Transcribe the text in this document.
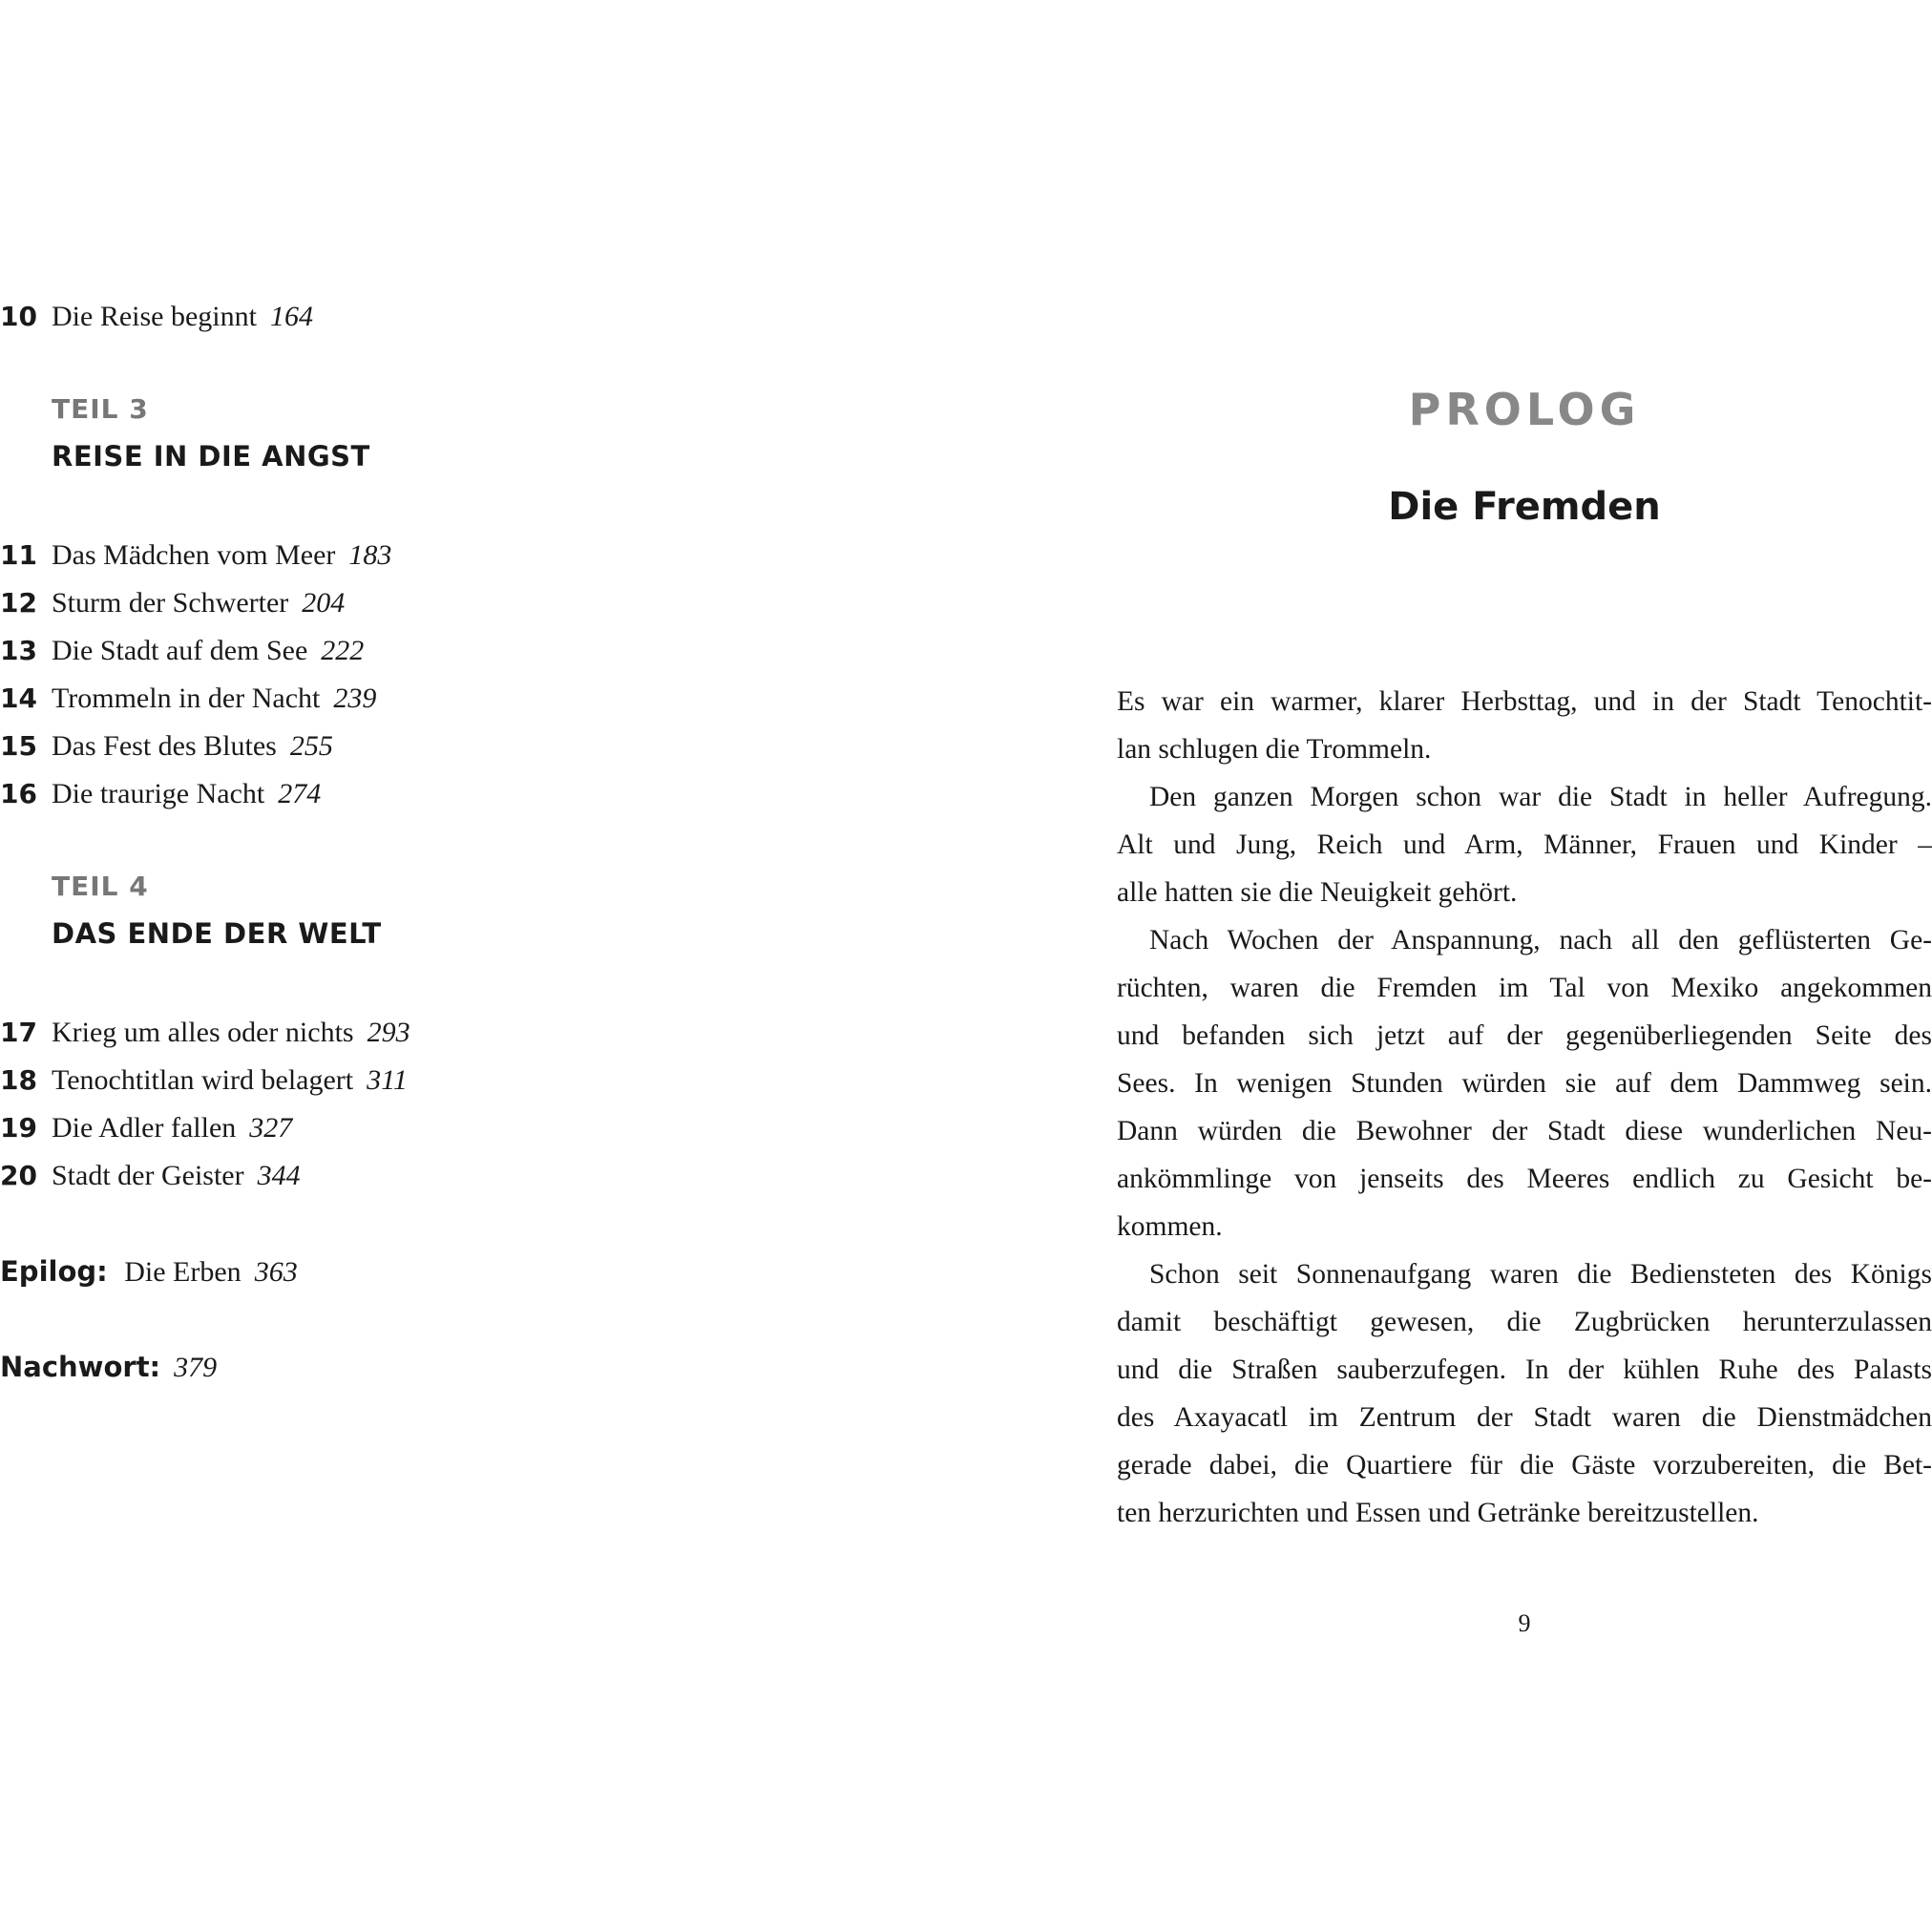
10 Die Reise beginnt 164
TEIL 3
REISE IN DIE ANGST
11 Das Mädchen vom Meer 183
12 Sturm der Schwerter 204
13 Die Stadt auf dem See 222
14 Trommeln in der Nacht 239
15 Das Fest des Blutes 255
16 Die traurige Nacht 274
TEIL 4
DAS ENDE DER WELT
17 Krieg um alles oder nichts 293
18 Tenochtitlan wird belagert 311
19 Die Adler fallen 327
20 Stadt der Geister 344
Epilog: Die Erben 363
Nachwort: 379
PROLOG
Die Fremden
Es war ein warmer, klarer Herbsttag, und in der Stadt Tenochtit-
lan schlugen die Trommeln.
Den ganzen Morgen schon war die Stadt in heller Aufregung.
Alt und Jung, Reich und Arm, Männer, Frauen und Kinder –
alle hatten sie die Neuigkeit gehört.
Nach Wochen der Anspannung, nach all den geflüsterten Ge-
rüchten, waren die Fremden im Tal von Mexiko angekommen
und befanden sich jetzt auf der gegenüberliegenden Seite des
Sees. In wenigen Stunden würden sie auf dem Dammweg sein.
Dann würden die Bewohner der Stadt diese wunderlichen Neu-
ankömmlinge von jenseits des Meeres endlich zu Gesicht be-
kommen.
Schon seit Sonnenaufgang waren die Bediensteten des Königs
damit beschäftigt gewesen, die Zugbrücken herunterzulassen
und die Straßen sauberzufegen. In der kühlen Ruhe des Palasts
des Axayacatl im Zentrum der Stadt waren die Dienstmädchen
gerade dabei, die Quartiere für die Gäste vorzubereiten, die Bet-
ten herzurichten und Essen und Getränke bereitzustellen.
9
